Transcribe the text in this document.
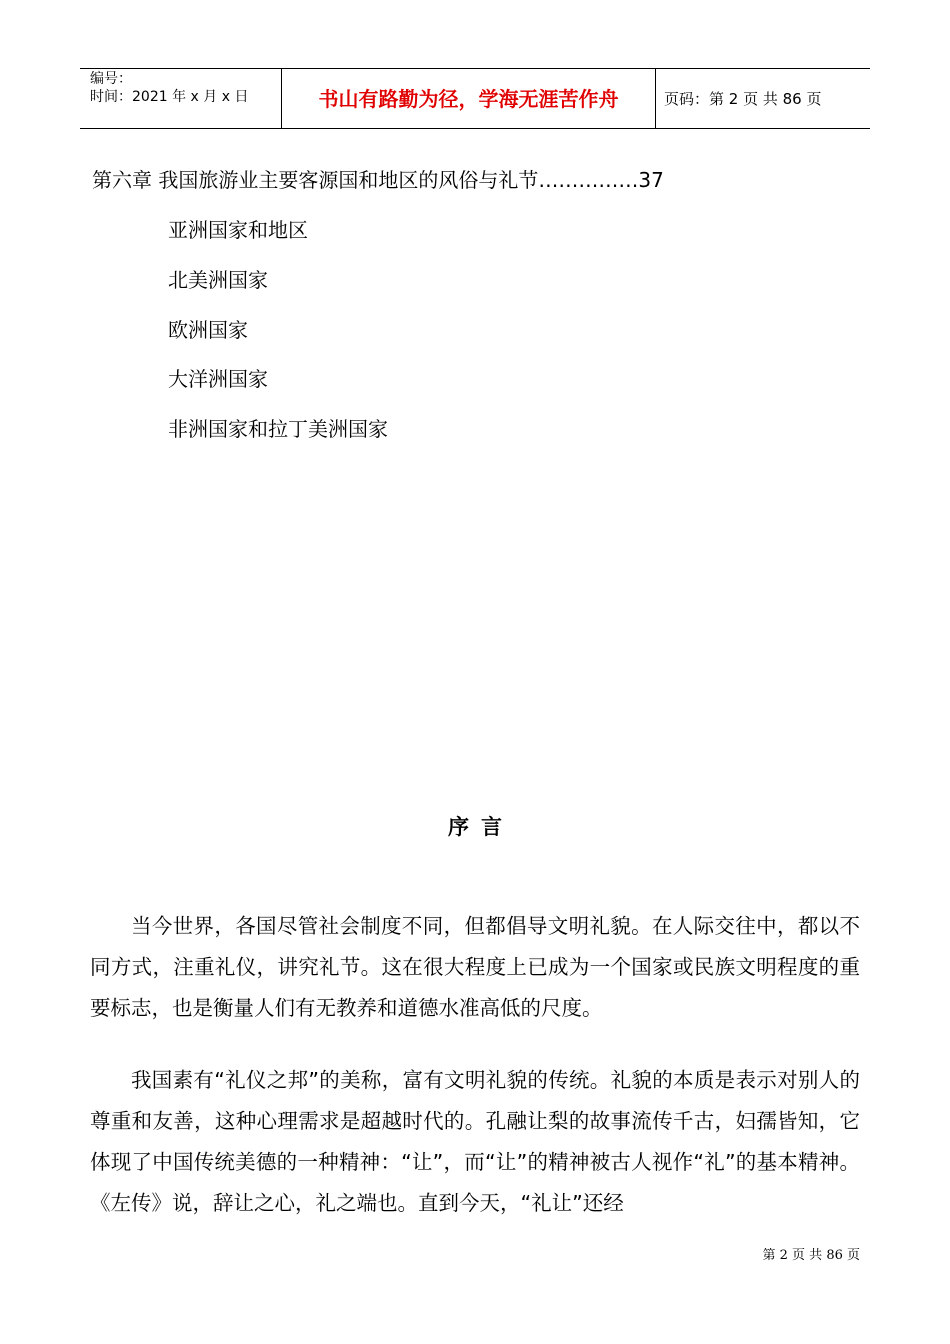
编号：
时间：2021 年 x 月 x 日	书山有路勤为径，学海无涯苦作舟	页码：第 2 页 共 86 页
第六章 我国旅游业主要客源国和地区的风俗与礼节……………37
亚洲国家和地区
北美洲国家
欧洲国家
大洋洲国家
非洲国家和拉丁美洲国家
序言

当今世界，各国尽管社会制度不同，但都倡导文明礼貌。在人际交往中，都以不同方式，注重礼仪，讲究礼节。这在很大程度上已成为一个国家或民族文明程度的重要标志，也是衡量人们有无教养和道德水准高低的尺度。

我国素有“礼仪之邦”的美称，富有文明礼貌的传统。礼貌的本质是表示对别人的尊重和友善，这种心理需求是超越时代的。孔融让梨的故事流传千古，妇孺皆知，它体现了中国传统美德的一种精神：“让”，而“让”的精神被古人视作“礼”的基本精神。《左传》说，辞让之心，礼之端也。直到今天，“礼让”还经

第 2 页 共 86 页
